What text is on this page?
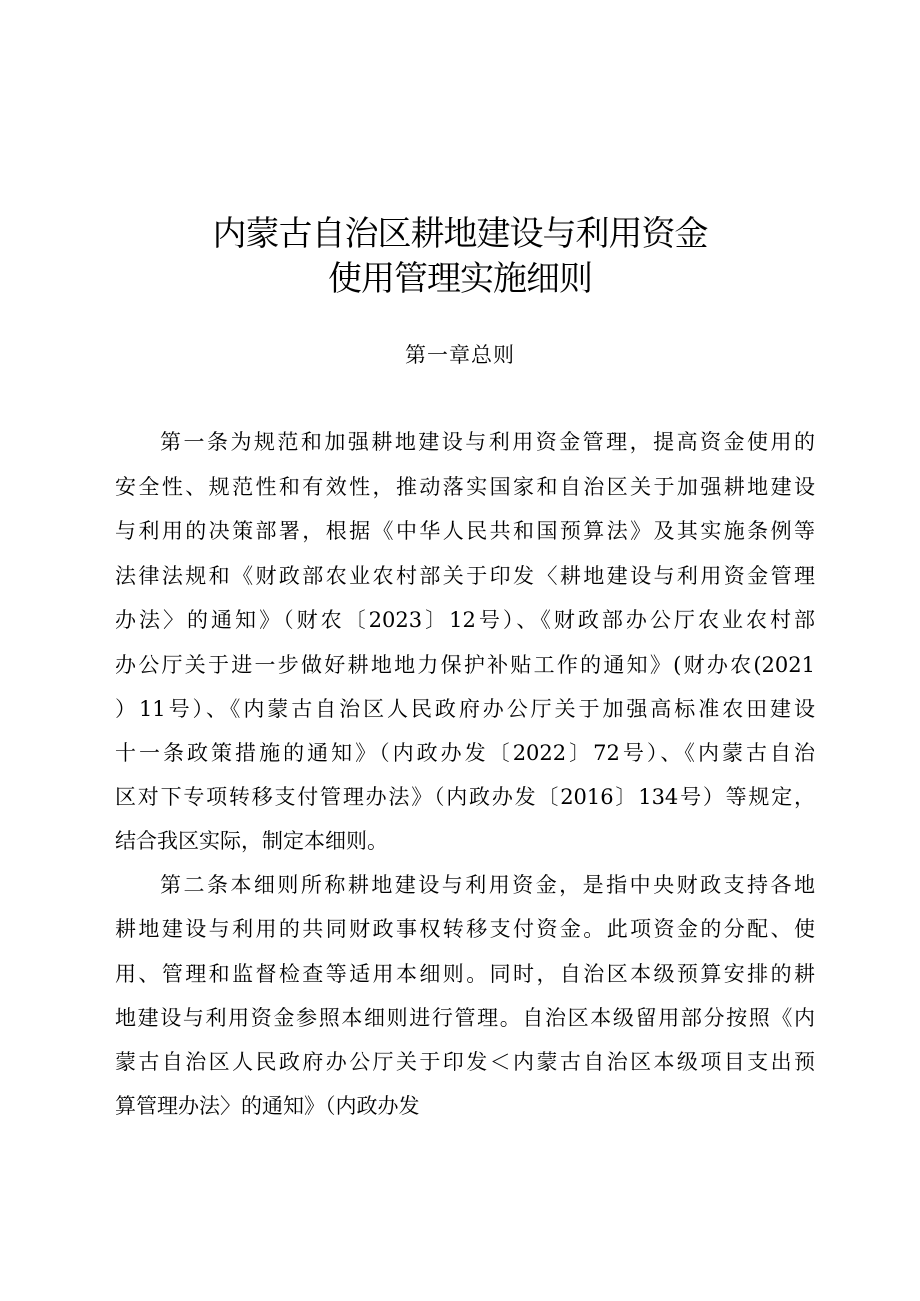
内蒙古自治区耕地建设与利用资金
使用管理实施细则
第一章总则
第一条为规范和加强耕地建设与利用资金管理，提高资金使用的
安全性、规范性和有效性，推动落实国家和自治区关于加强耕地建设
与利用的决策部署，根据《中华人民共和国预算法》及其实施条例等
法律法规和《财政部农业农村部关于印发〈耕地建设与利用资金管理
办法〉的通知》（财农〔2023〕12号）、《财政部办公厅农业农村部
办公厅关于进一步做好耕地地力保护补贴工作的通知》(财办农(2021
）11号）、《内蒙古自治区人民政府办公厅关于加强高标准农田建设
十一条政策措施的通知》（内政办发〔2022〕72号）、《内蒙古自治
区对下专项转移支付管理办法》（内政办发〔2016〕134号）等规定，
结合我区实际，制定本细则。
第二条本细则所称耕地建设与利用资金，是指中央财政支持各地
耕地建设与利用的共同财政事权转移支付资金。此项资金的分配、使
用、管理和监督检查等适用本细则。同时，自治区本级预算安排的耕
地建设与利用资金参照本细则进行管理。自治区本级留用部分按照《内
蒙古自治区人民政府办公厅关于印发＜内蒙古自治区本级项目支出预
算管理办法〉的通知》（内政办发
